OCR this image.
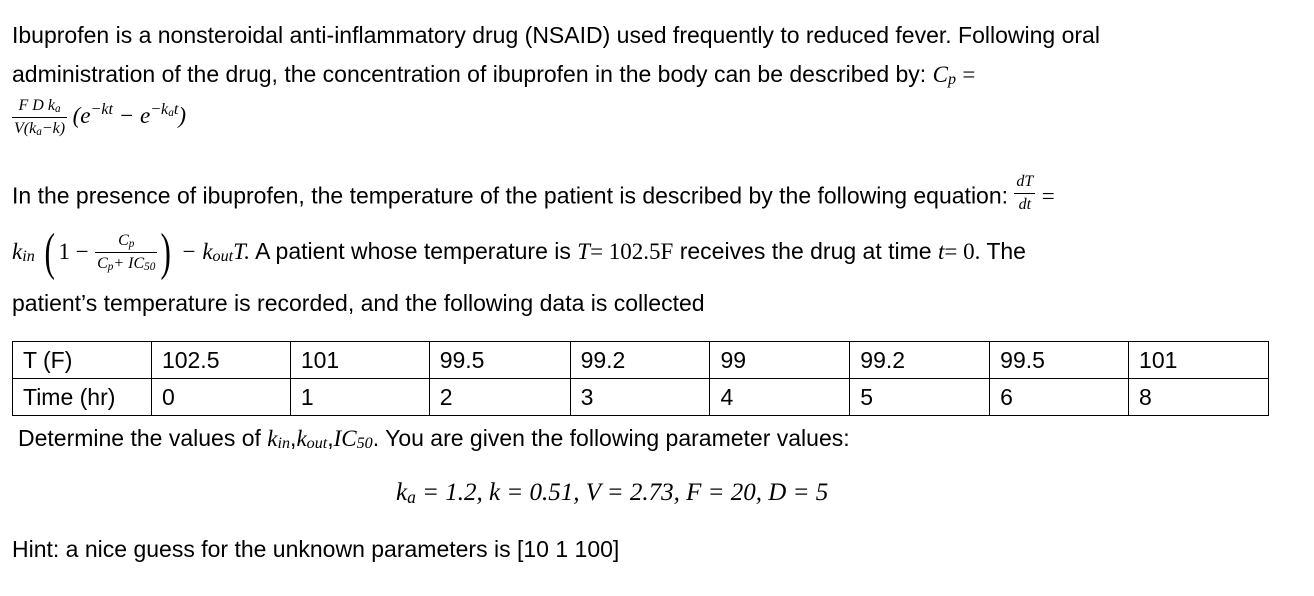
Ibuprofen is a nonsteroidal anti-inflammatory drug (NSAID) used frequently to reduced fever. Following oral
administration of the drug, the concentration of ibuprofen in the body can be described by: $C_p$ =
$\frac{F D k_a}{V(k_a-k)} (e^{-kt} - e^{-k_at})$
In the presence of ibuprofen, the temperature of the patient is described by the following equation: $\frac{dT}{dt}$ =
$k_{in}$ ( $1 - \frac{C_p}{C_p+ IC_{50}}$ ) − $k_{out}T$. A patient whose temperature is T= 102.5F receives the drug at time t= 0. The
patient’s temperature is recorded, and the following data is collected
T (F)	102.5	101	99.5	99.2	99	99.2	99.5	101
Time (hr)	0	1	2	3	4	5	6	8
Determine the values of $k_{in},k_{out},IC_{50}$. You are given the following parameter values:
$k_a = 1.2$, k = 0.51, V = 2.73, F = 20, D = 5
Hint: a nice guess for the unknown parameters is [10 1 100]
